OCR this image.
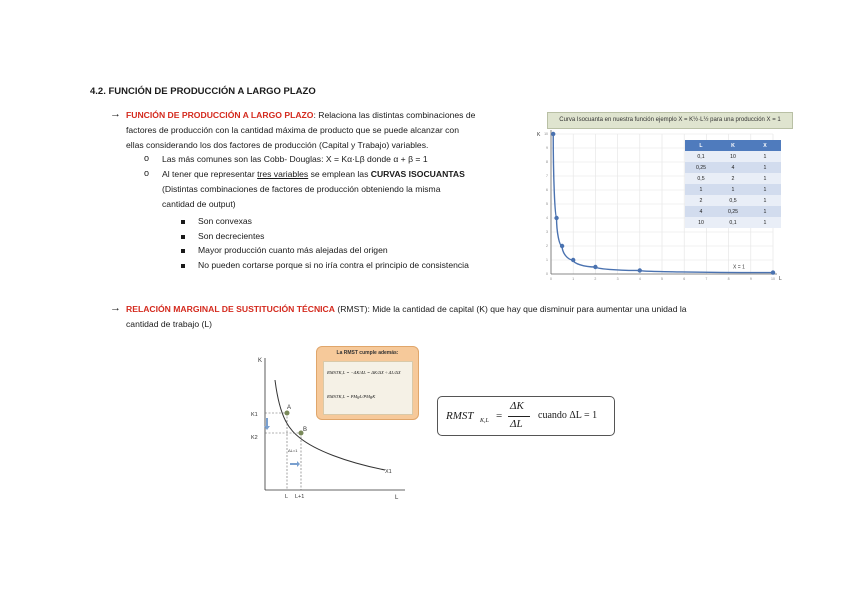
4.2. FUNCIÓN DE PRODUCCIÓN A LARGO PLAZO
→ FUNCIÓN DE PRODUCCIÓN A LARGO PLAZO: Relaciona las distintas combinaciones de

factores de producción con la cantidad máxima de producto que se puede alcanzar con

ellas considerando los dos factores de producción (Capital y Trabajo) variables.

o Las más comunes son las Cobb- Douglas: X = Kα·Lβ donde α + β = 1
o Al tener que representar tres variables se emplean las CURVAS ISOCUANTAS

(Distintas combinaciones de factores de producción obteniendo la misma

cantidad de output)

Son convexas
Son decrecientes
Mayor producción cuanto más alejadas del origen
No pueden cortarse porque si no iría contra el principio de consistencia
Curva Isocuanta en nuestra función ejemplo X = K½·L½ para una producción X = 1
0
0
1
1
2
2
3
3
4
4
5
5
6
6
7
7
8
8
9
9
10
10
K
L
X = 1
L	K	X
0,1	10	1
0,25	4	1
0,5	2	1
1	1	1
2	0,5	1
4	0,25	1
10	0,1	1
→ RELACIÓN MARGINAL DE SUSTITUCIÓN TÉCNICA (RMST): Mide la cantidad de capital (K) que hay que disminuir para aumentar una unidad la

cantidad de trabajo (L)

K
L
A
B
K1
K2
L L+1
X1
ΔL=1
La RMST cumple además:
RMSTK,L = −ΔK/ΔL = ΔK/ΔX ÷ ΔL/ΔX
RMSTK,L = PMgL/PMgK
RMST K,L =
ΔK
ΔL
cuando ΔL = 1
